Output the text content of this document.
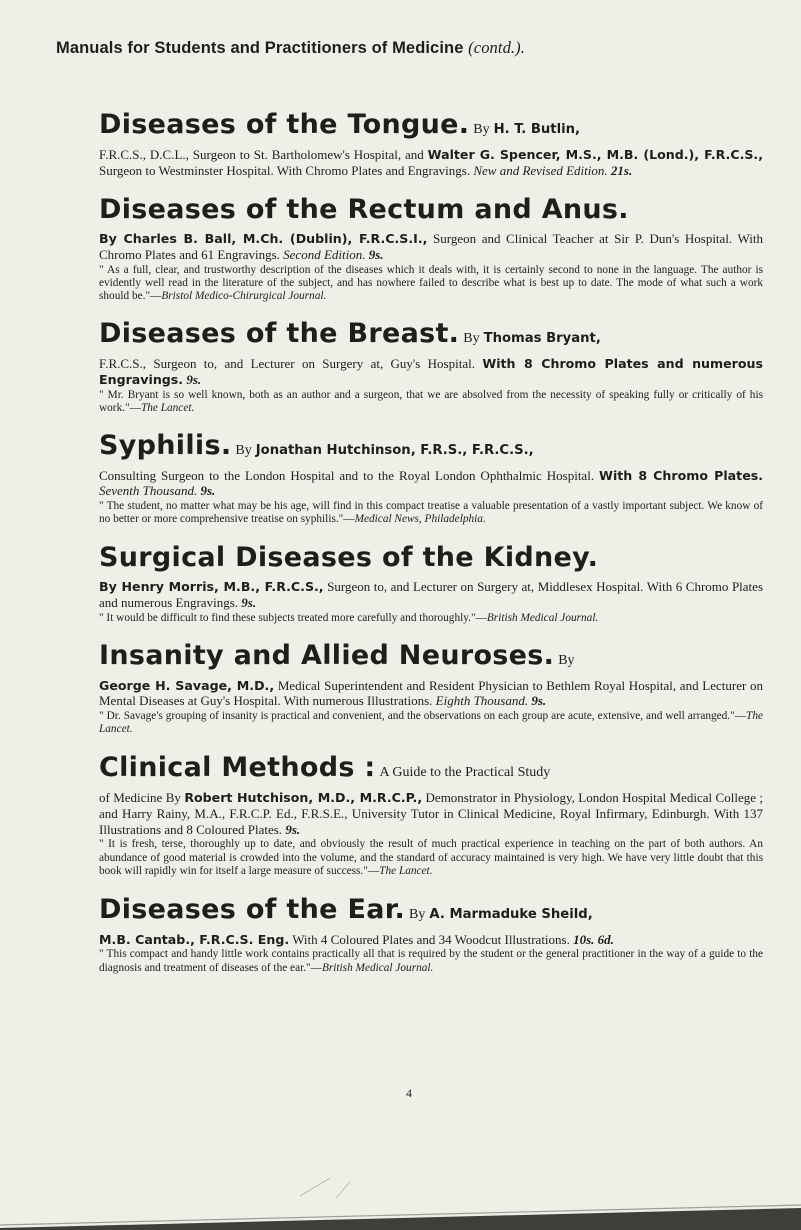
Manuals for Students and Practitioners of Medicine (contd.).

Diseases of the Tongue. By H. T. Butlin,

F.R.C.S., D.C.L., Surgeon to St. Bartholomew's Hospital, and Walter G. Spencer, M.S., M.B. (Lond.), F.R.C.S., Surgeon to Westminster Hospital. With Chromo Plates and Engravings. New and Revised Edition. 21s.

Diseases of the Rectum and Anus.

By Charles B. Ball, M.Ch. (Dublin), F.R.C.S.I., Surgeon and Clinical Teacher at Sir P. Dun's Hospital. With Chromo Plates and 61 Engravings. Second Edition. 9s.

" As a full, clear, and trustworthy description of the diseases which it deals with, it is certainly second to none in the language. The author is evidently well read in the literature of the subject, and has nowhere failed to describe what is best up to date. The mode of what such a work should be."—Bristol Medico-Chirurgical Journal.

Diseases of the Breast. By Thomas Bryant,

F.R.C.S., Surgeon to, and Lecturer on Surgery at, Guy's Hospital. With 8 Chromo Plates and numerous Engravings. 9s.

" Mr. Bryant is so well known, both as an author and a surgeon, that we are absolved from the necessity of speaking fully or critically of his work."—The Lancet.

Syphilis. By Jonathan Hutchinson, F.R.S., F.R.C.S.,

Consulting Surgeon to the London Hospital and to the Royal London Ophthalmic Hospital. With 8 Chromo Plates. Seventh Thousand. 9s.

" The student, no matter what may be his age, will find in this compact treatise a valuable presentation of a vastly important subject. We know of no better or more comprehensive treatise on syphilis."—Medical News, Philadelphia.

Surgical Diseases of the Kidney.

By Henry Morris, M.B., F.R.C.S., Surgeon to, and Lecturer on Surgery at, Middlesex Hospital. With 6 Chromo Plates and numerous Engravings. 9s.

" It would be difficult to find these subjects treated more carefully and thoroughly."—British Medical Journal.

Insanity and Allied Neuroses. By

George H. Savage, M.D., Medical Superintendent and Resident Physician to Bethlem Royal Hospital, and Lecturer on Mental Diseases at Guy's Hospital. With numerous Illustrations. Eighth Thousand. 9s.

" Dr. Savage's grouping of insanity is practical and convenient, and the observations on each group are acute, extensive, and well arranged."—The Lancet.

Clinical Methods : A Guide to the Practical Study

of Medicine By Robert Hutchison, M.D., M.R.C.P., Demonstrator in Physiology, London Hospital Medical College ; and Harry Rainy, M.A., F.R.C.P. Ed., F.R.S.E., University Tutor in Clinical Medicine, Royal Infirmary, Edinburgh. With 137 Illustrations and 8 Coloured Plates. 9s.

" It is fresh, terse, thoroughly up to date, and obviously the result of much practical experience in teaching on the part of both authors. An abundance of good material is crowded into the volume, and the standard of accuracy maintained is very high. We have very little doubt that this book will rapidly win for itself a large measure of success."—The Lancet.

Diseases of the Ear. By A. Marmaduke Sheild,

M.B. Cantab., F.R.C.S. Eng. With 4 Coloured Plates and 34 Woodcut Illustrations. 10s. 6d.

" This compact and handy little work contains practically all that is required by the student or the general practitioner in the way of a guide to the diagnosis and treatment of diseases of the ear."—British Medical Journal.

4
